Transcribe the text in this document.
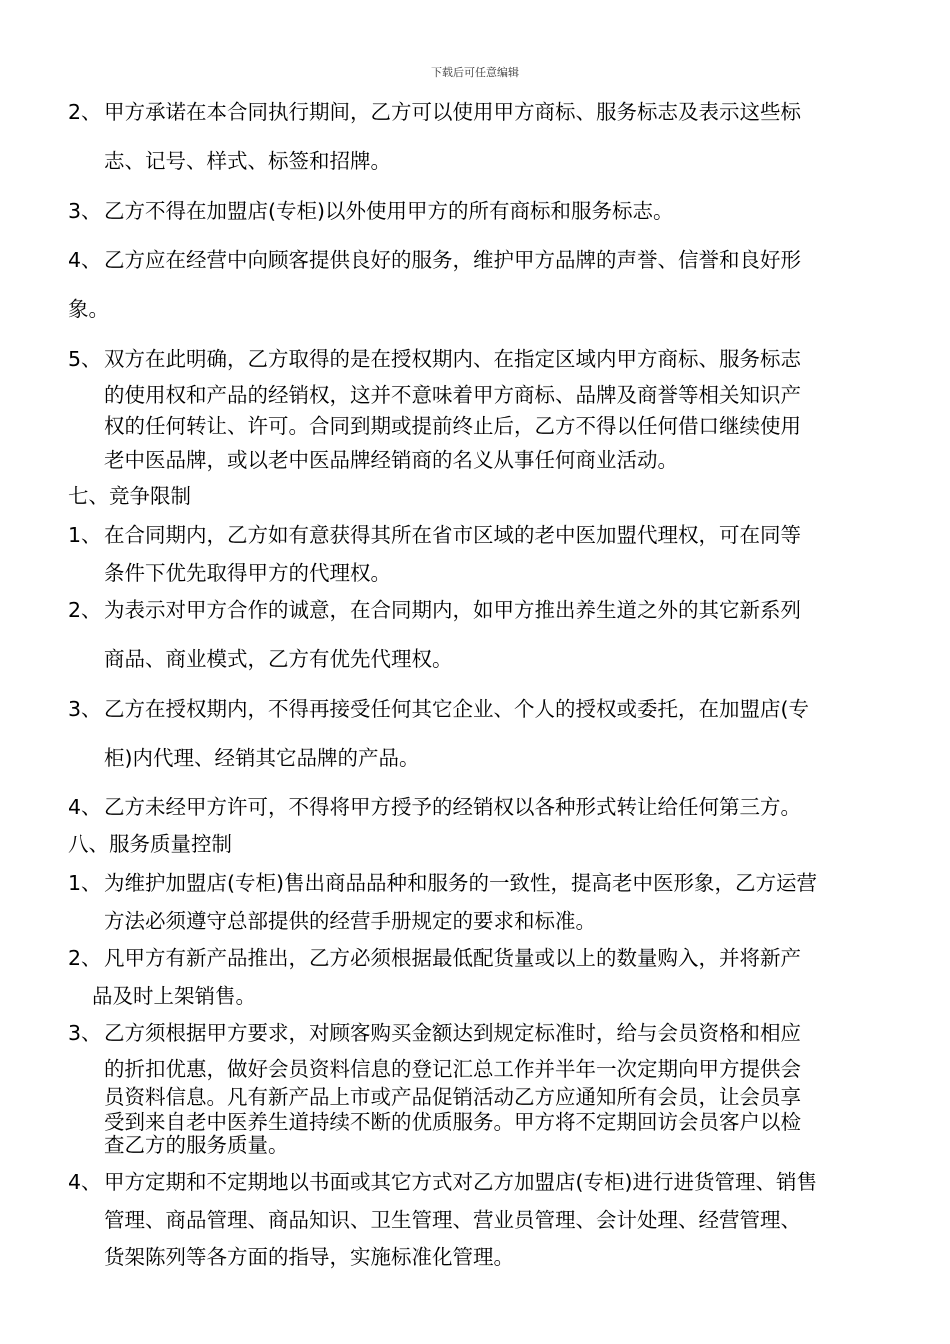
下载后可任意编辑
2、 甲方承诺在本合同执行期间，乙方可以使用甲方商标、服务标志及表示这些标
志、记号、样式、标签和招牌。
3、 乙方不得在加盟店(专柜)以外使用甲方的所有商标和服务标志。
4、 乙方应在经营中向顾客提供良好的服务，维护甲方品牌的声誉、信誉和良好形
象。
5、 双方在此明确，乙方取得的是在授权期内、在指定区域内甲方商标、服务标志
的使用权和产品的经销权，这并不意味着甲方商标、品牌及商誉等相关知识产
权的任何转让、许可。合同到期或提前终止后，乙方不得以任何借口继续使用
老中医品牌，或以老中医品牌经销商的名义从事任何商业活动。
七、竞争限制
1、 在合同期内，乙方如有意获得其所在省市区域的老中医加盟代理权，可在同等
条件下优先取得甲方的代理权。
2、 为表示对甲方合作的诚意，在合同期内，如甲方推出养生道之外的其它新系列
商品、商业模式，乙方有优先代理权。
3、 乙方在授权期内，不得再接受任何其它企业、个人的授权或委托，在加盟店(专
柜)内代理、经销其它品牌的产品。
4、 乙方未经甲方许可，不得将甲方授予的经销权以各种形式转让给任何第三方。
八、服务质量控制
1、 为维护加盟店(专柜)售出商品品种和服务的一致性，提高老中医形象，乙方运营
方法必须遵守总部提供的经营手册规定的要求和标准。
2、 凡甲方有新产品推出，乙方必须根据最低配货量或以上的数量购入，并将新产
品及时上架销售。
3、 乙方须根据甲方要求，对顾客购买金额达到规定标准时，给与会员资格和相应
的折扣优惠，做好会员资料信息的登记汇总工作并半年一次定期向甲方提供会
员资料信息。凡有新产品上市或产品促销活动乙方应通知所有会员，让会员享
受到来自老中医养生道持续不断的优质服务。甲方将不定期回访会员客户以检
查乙方的服务质量。
4、 甲方定期和不定期地以书面或其它方式对乙方加盟店(专柜)进行进货管理、销售
管理、商品管理、商品知识、卫生管理、营业员管理、会计处理、经营管理、
货架陈列等各方面的指导，实施标准化管理。
